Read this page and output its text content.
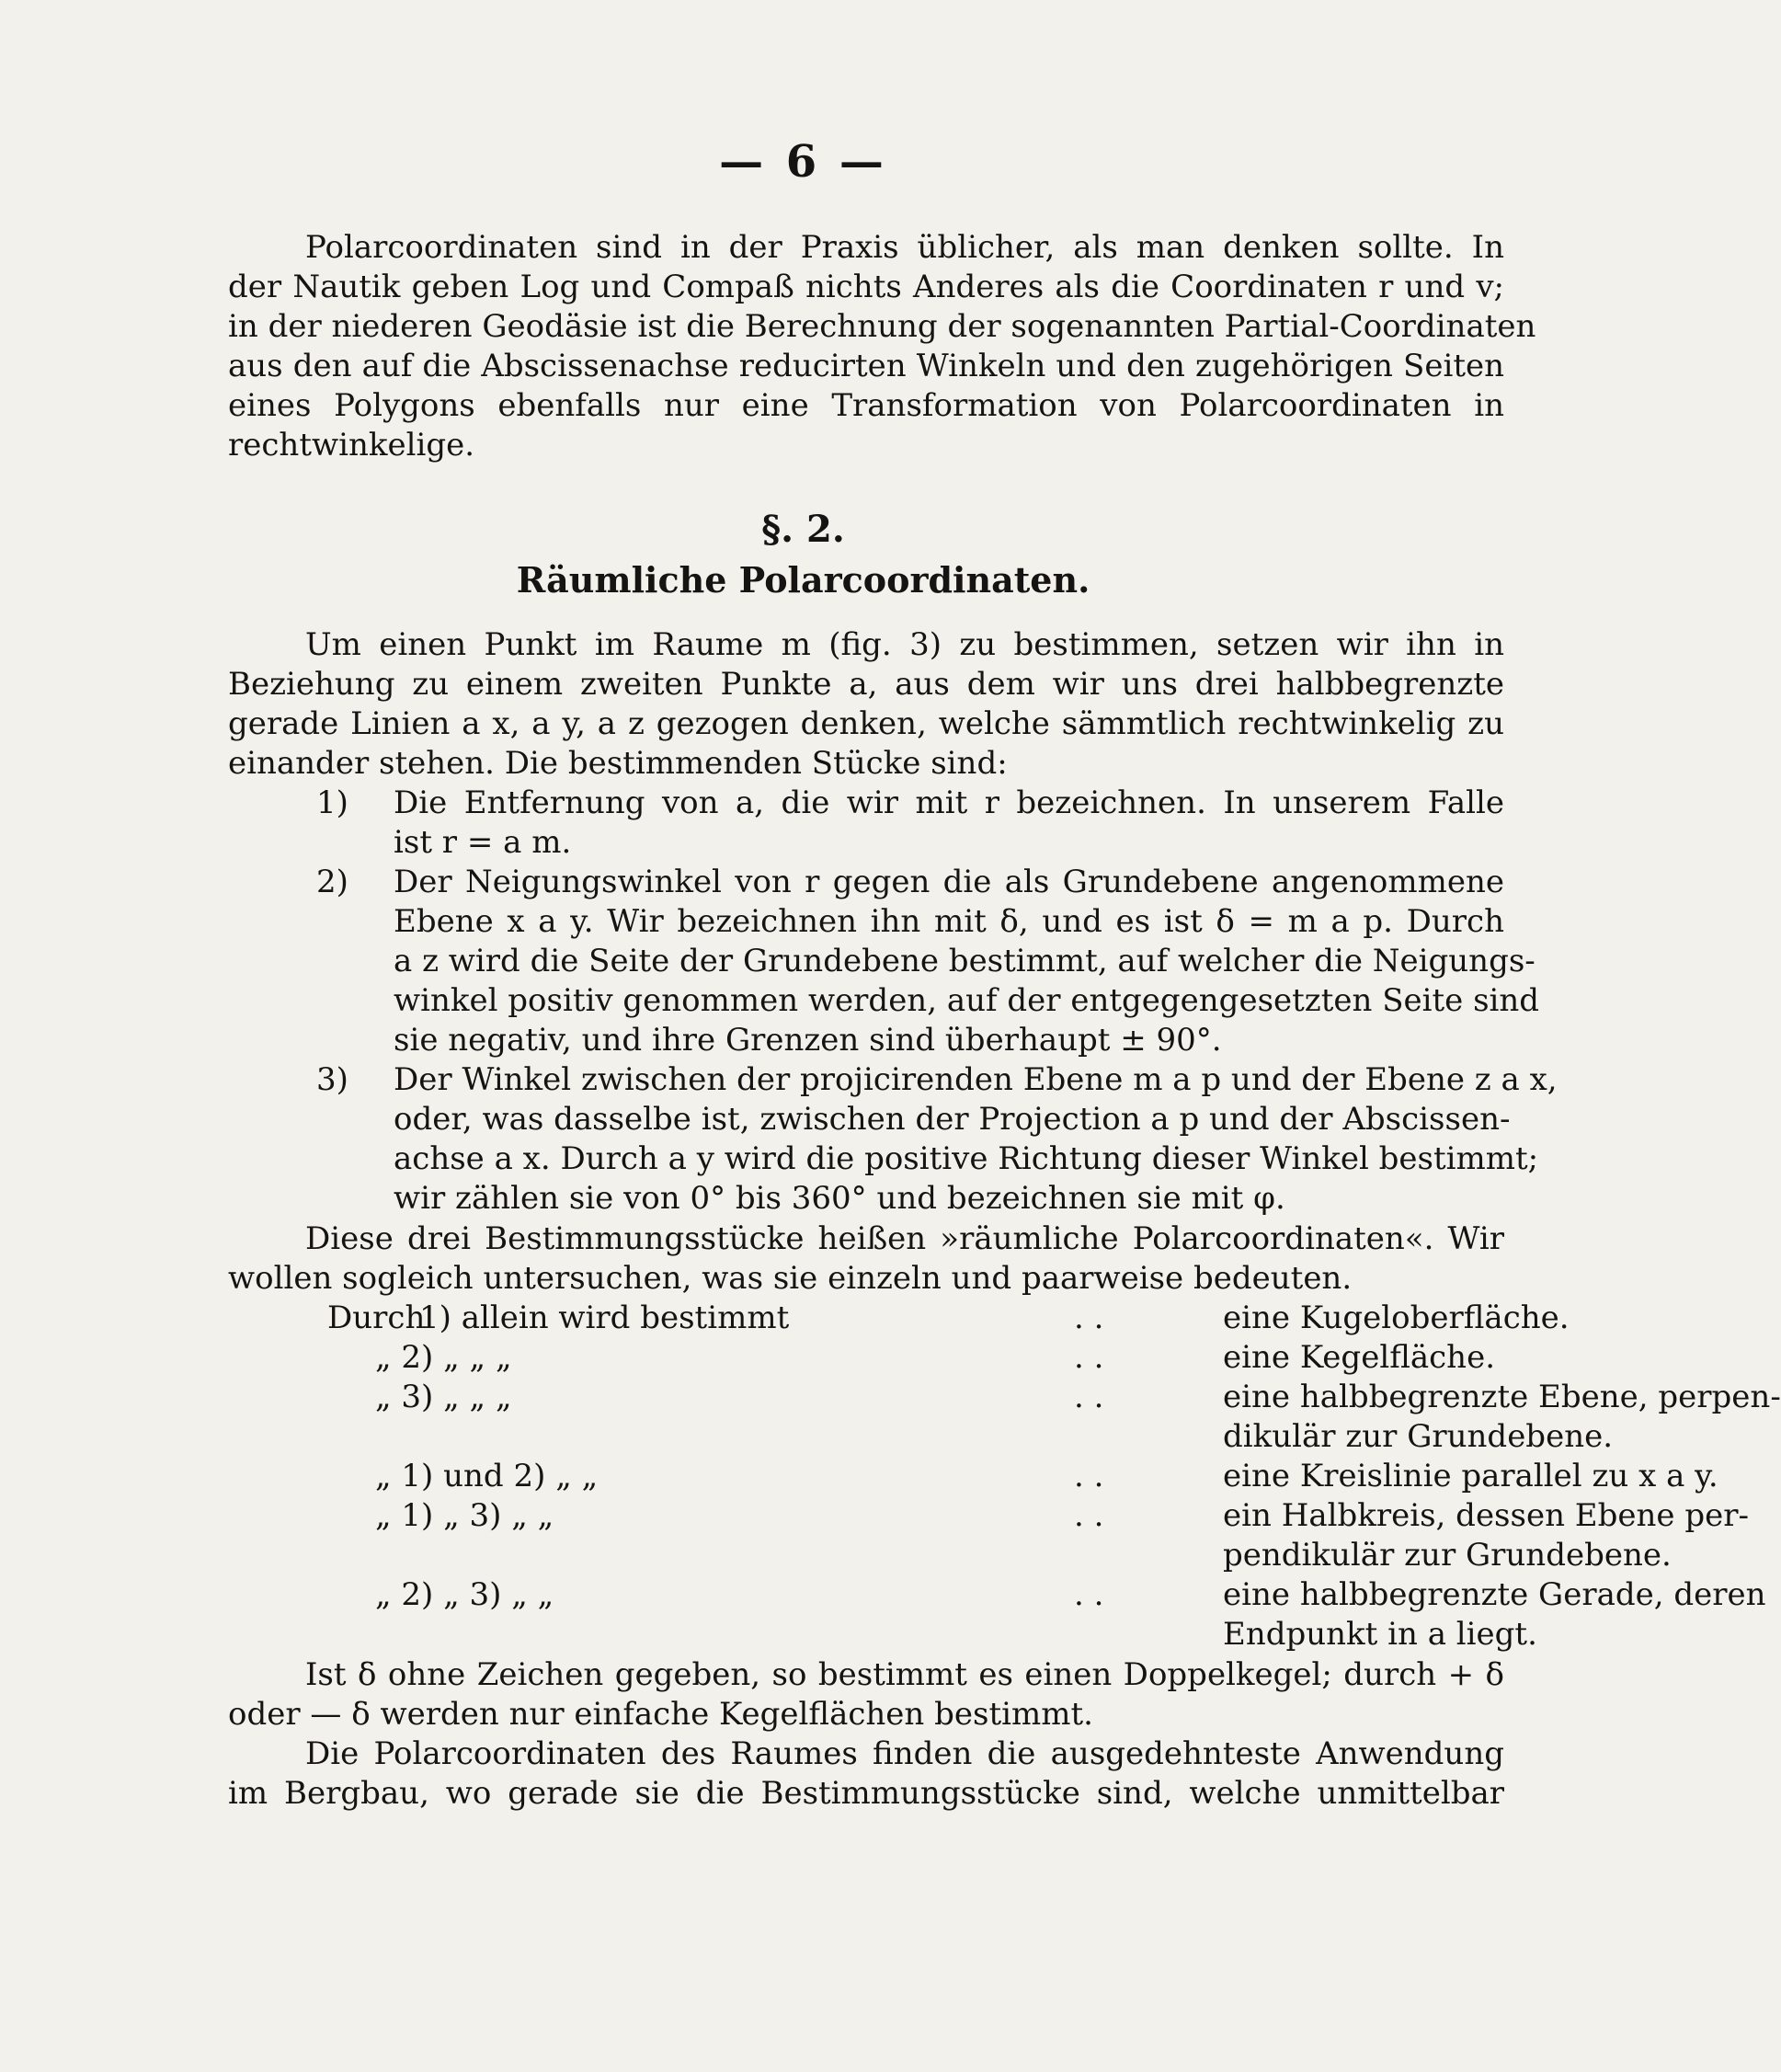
— 6 —
Polarcoordinaten sind in der Praxis üblicher, als man denken sollte. In
der Nautik geben Log und Compaß nichts Anderes als die Coordinaten r und v;
in der niederen Geodäsie ist die Berechnung der sogenannten Partial-Coordinaten
aus den auf die Abscissenachse reducirten Winkeln und den zugehörigen Seiten
eines Polygons ebenfalls nur eine Transformation von Polarcoordinaten in
rechtwinkelige.
§. 2.
Räumliche Polarcoordinaten.
Um einen Punkt im Raume m (fig. 3) zu bestimmen, setzen wir ihn in
Beziehung zu einem zweiten Punkte a, aus dem wir uns drei halbbegrenzte
gerade Linien a x, a y, a z gezogen denken, welche sämmtlich rechtwinkelig zu
einander stehen. Die bestimmenden Stücke sind:
1) Die Entfernung von a, die wir mit r bezeichnen. In unserem Falle
ist r = a m.
2) Der Neigungswinkel von r gegen die als Grundebene angenommene
Ebene x a y. Wir bezeichnen ihn mit δ, und es ist δ = m a p. Durch
a z wird die Seite der Grundebene bestimmt, auf welcher die Neigungs-
winkel positiv genommen werden, auf der entgegengesetzten Seite sind
sie negativ, und ihre Grenzen sind überhaupt ± 90°.
3) Der Winkel zwischen der projicirenden Ebene m a p und der Ebene z a x,
oder, was dasselbe ist, zwischen der Projection a p und der Abscissen-
achse a x. Durch a y wird die positive Richtung dieser Winkel bestimmt;
wir zählen sie von 0° bis 360° und bezeichnen sie mit φ.
Diese drei Bestimmungsstücke heißen »räumliche Polarcoordinaten«. Wir
wollen sogleich untersuchen, was sie einzeln und paarweise bedeuten.
Durch
1) allein wird bestimmt	. .	eine Kugeloberfläche.
„ 2) „ „ „	. .	eine Kegelfläche.
„ 3) „ „ „	. .	eine halbbegrenzte Ebene, perpen-
dikulär zur Grundebene.
„ 1) und 2) „ „	. .	eine Kreislinie parallel zu x a y.
„ 1) „ 3) „ „	. .	ein Halbkreis, dessen Ebene per-
pendikulär zur Grundebene.
„ 2) „ 3) „ „	. .	eine halbbegrenzte Gerade, deren
Endpunkt in a liegt.
Ist δ ohne Zeichen gegeben, so bestimmt es einen Doppelkegel; durch + δ
oder — δ werden nur einfache Kegelflächen bestimmt.
Die Polarcoordinaten des Raumes finden die ausgedehnteste Anwendung
im Bergbau, wo gerade sie die Bestimmungsstücke sind, welche unmittelbar
